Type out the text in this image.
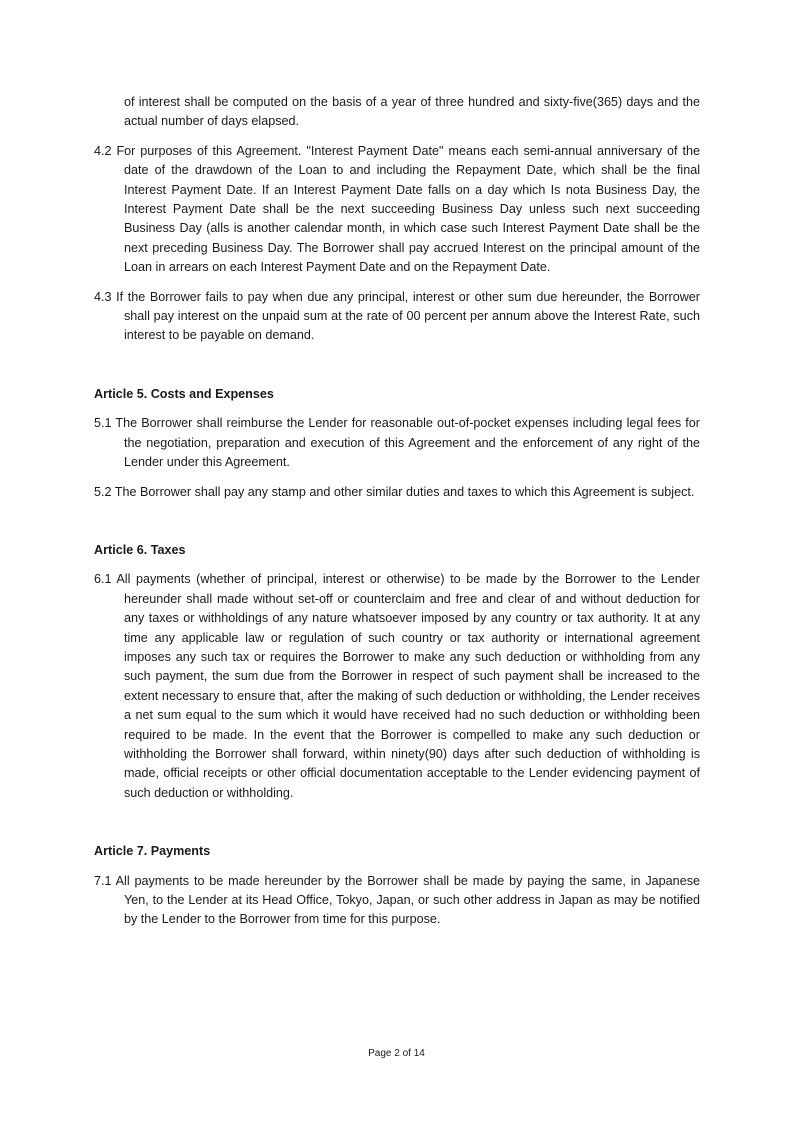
of interest shall be computed on the basis of a year of three hundred and sixty-five(365) days and the actual number of days elapsed.

4.2 For purposes of this Agreement. "Interest Payment Date" means each semi-annual anniversary of the date of the drawdown of the Loan to and including the Repayment Date, which shall be the final Interest Payment Date. If an Interest Payment Date falls on a day which Is nota Business Day, the Interest Payment Date shall be the next succeeding Business Day unless such next succeeding Business Day (alls is another calendar month, in which case such Interest Payment Date shall be the next preceding Business Day. The Borrower shall pay accrued Interest on the principal amount of the Loan in arrears on each Interest Payment Date and on the Repayment Date.

4.3 If the Borrower fails to pay when due any principal, interest or other sum due hereunder, the Borrower shall pay interest on the unpaid sum at the rate of 00 percent per annum above the Interest Rate, such interest to be payable on demand.

Article 5. Costs and Expenses

5.1 The Borrower shall reimburse the Lender for reasonable out-of-pocket expenses including legal fees for the negotiation, preparation and execution of this Agreement and the enforcement of any right of the Lender under this Agreement.

5.2 The Borrower shall pay any stamp and other similar duties and taxes to which this Agreement is subject.

Article 6. Taxes

6.1 All payments (whether of principal, interest or otherwise) to be made by the Borrower to the Lender hereunder shall made without set-off or counterclaim and free and clear of and without deduction for any taxes or withholdings of any nature whatsoever imposed by any country or tax authority. It at any time any applicable law or regulation of such country or tax authority or international agreement imposes any such tax or requires the Borrower to make any such deduction or withholding from any such payment, the sum due from the Borrower in respect of such payment shall be increased to the extent necessary to ensure that, after the making of such deduction or withholding, the Lender receives a net sum equal to the sum which it would have received had no such deduction or withholding been required to be made. In the event that the Borrower is compelled to make any such deduction or withholding the Borrower shall forward, within ninety(90) days after such deduction of withholding is made, official receipts or other official documentation acceptable to the Lender evidencing payment of such deduction or withholding.

Article 7. Payments

7.1 All payments to be made hereunder by the Borrower shall be made by paying the same, in Japanese Yen, to the Lender at its Head Office, Tokyo, Japan, or such other address in Japan as may be notified by the Lender to the Borrower from time for this purpose.

Page 2 of 14
